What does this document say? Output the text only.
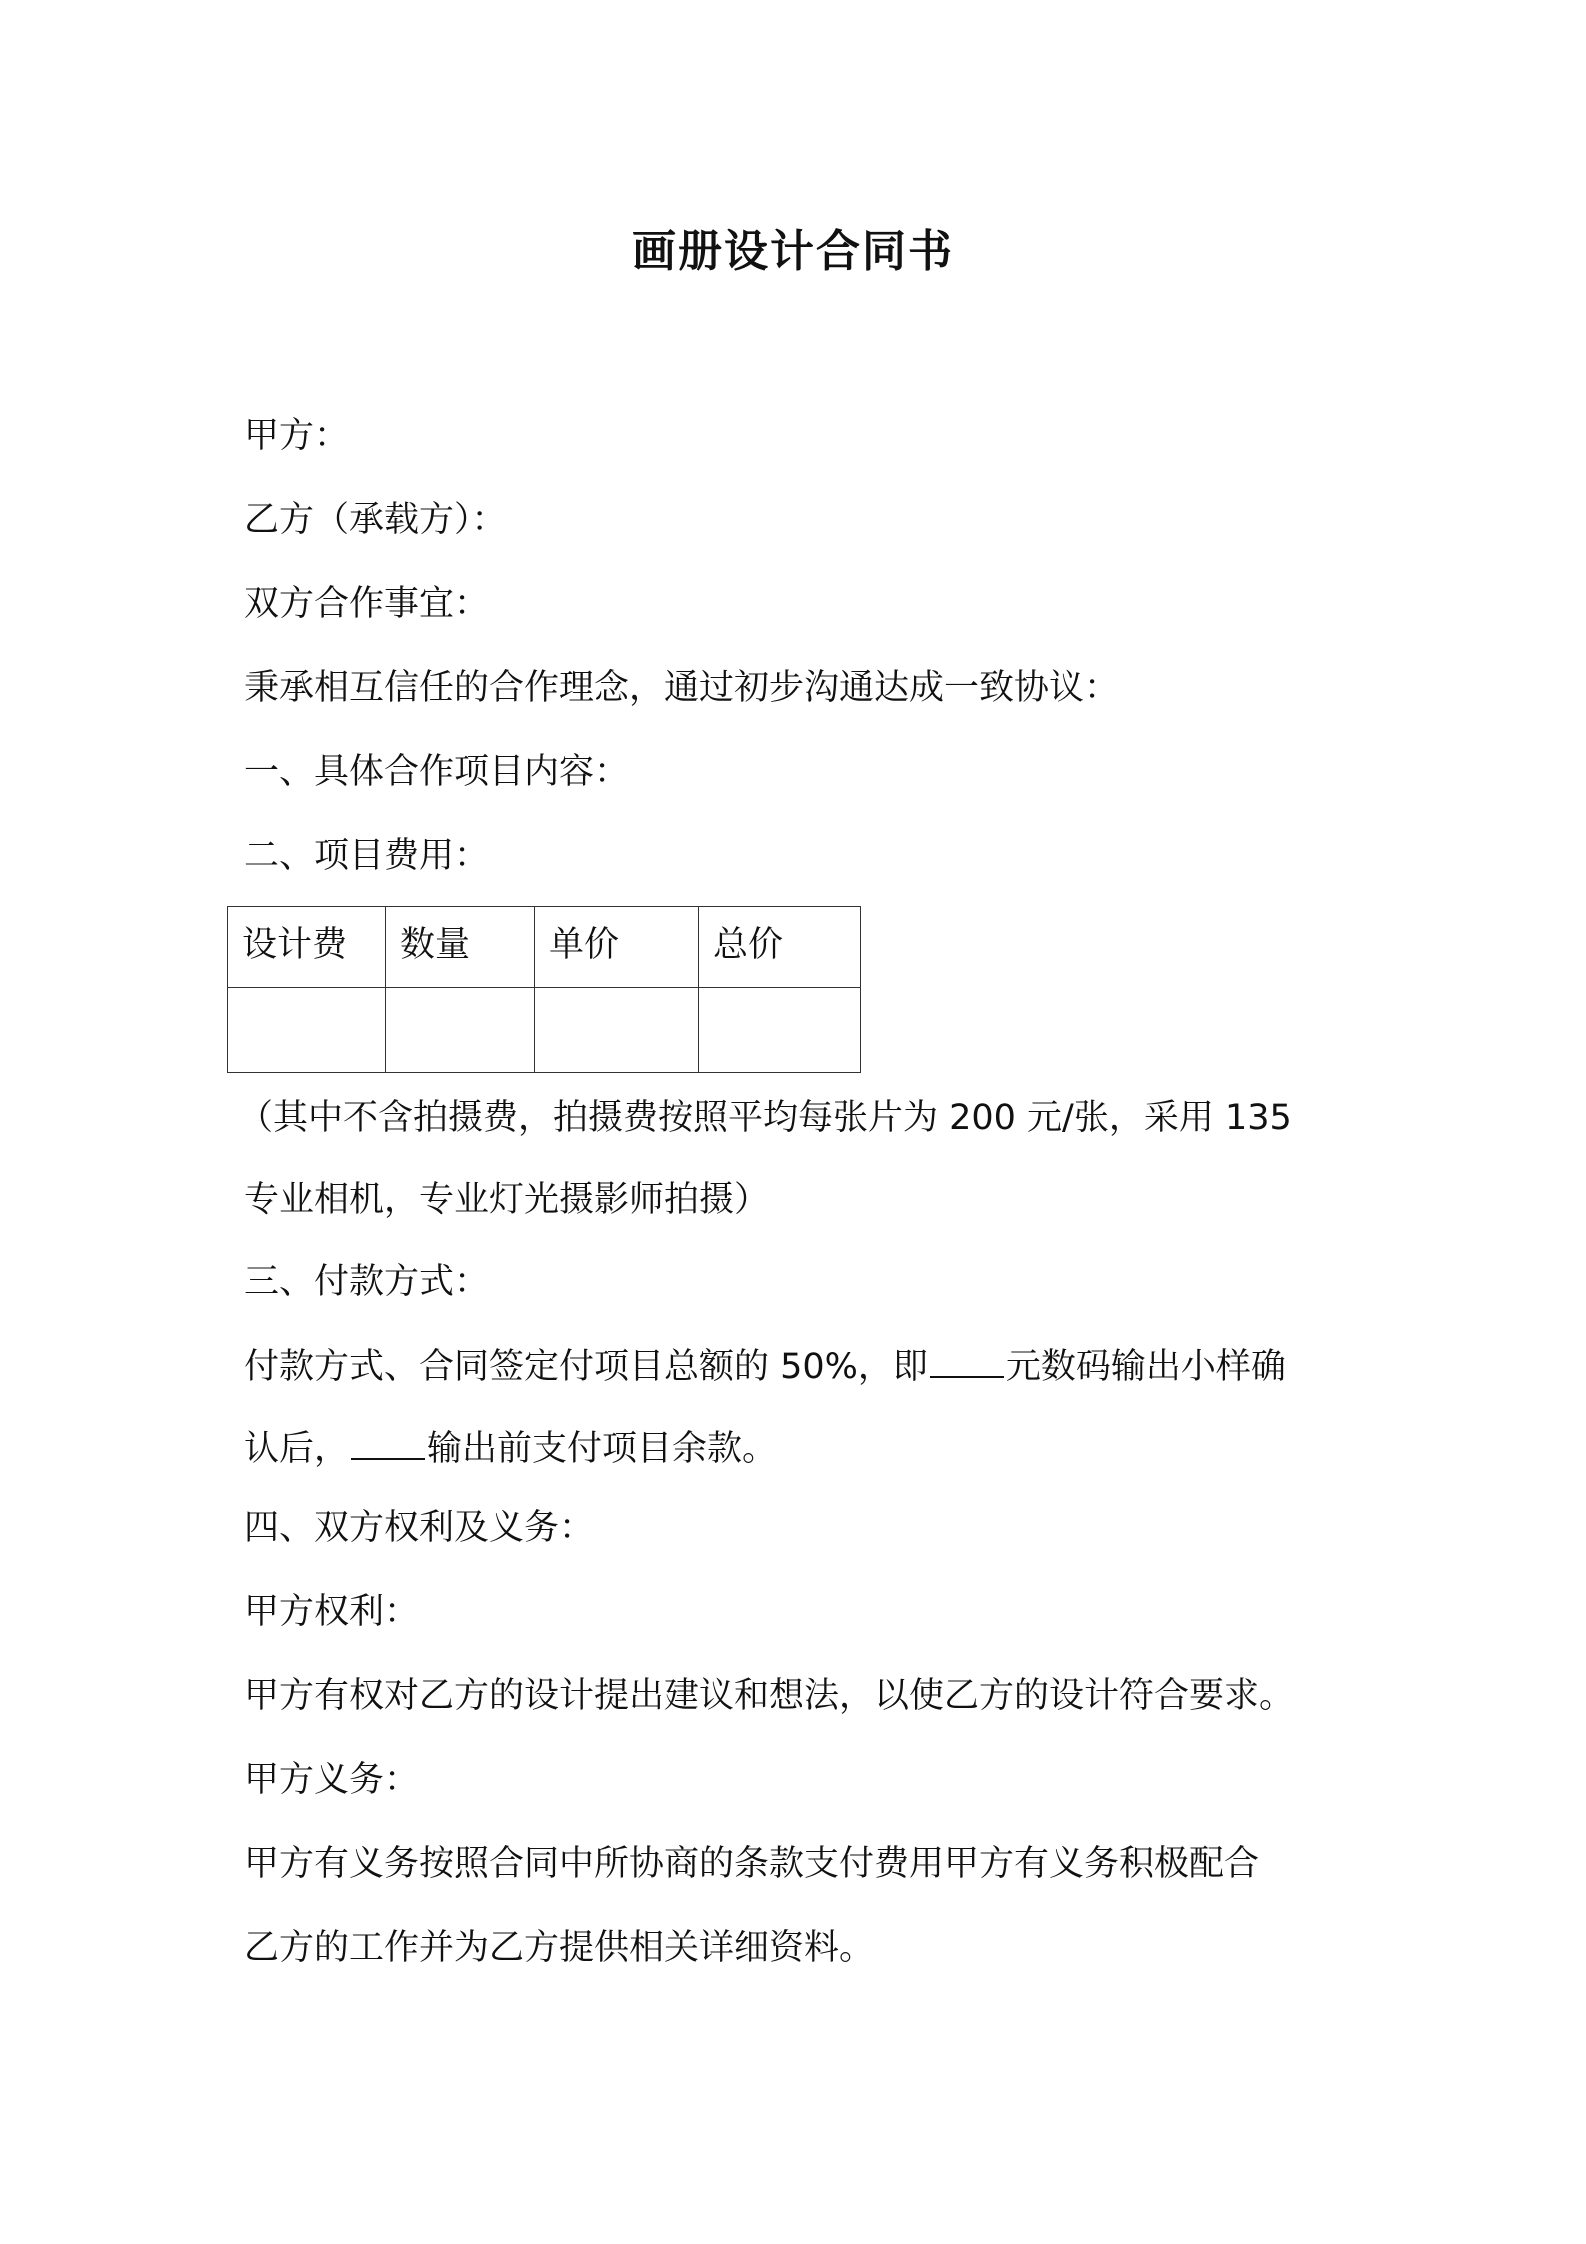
画册设计合同书
甲方：
乙方（承载方）：
双方合作事宜：
秉承相互信任的合作理念，通过初步沟通达成一致协议：
一、具体合作项目内容：
二、项目费用：
设计费	数量	单价	总价

（其中不含拍摄费，拍摄费按照平均每张片为 200 元/张，采用 135
专业相机，专业灯光摄影师拍摄）
三、付款方式：
付款方式、合同签定付项目总额的 50%，即 元数码输出小样确
认后， 输出前支付项目余款。
四、双方权利及义务：
甲方权利：
甲方有权对乙方的设计提出建议和想法，以使乙方的设计符合要求。
甲方义务：
甲方有义务按照合同中所协商的条款支付费用甲方有义务积极配合
乙方的工作并为乙方提供相关详细资料。
